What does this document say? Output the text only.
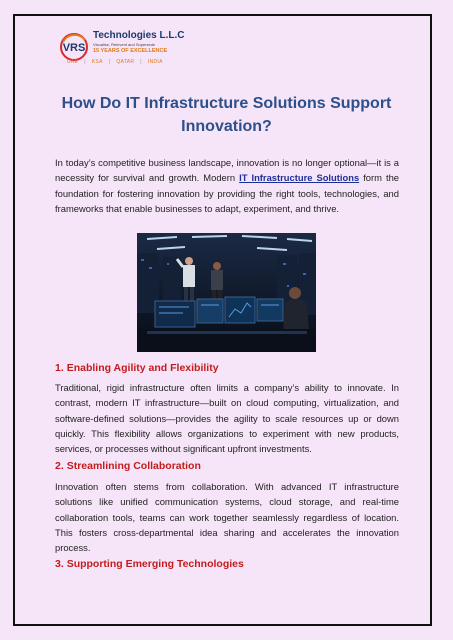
VRS
Technologies L.L.C
Visualise, Reinvent and Supersede
15 YEARS OF EXCELLENCE
UAE | KSA | QATAR | INDIA
How Do IT Infrastructure Solutions Support Innovation?

In today’s competitive business landscape, innovation is no longer optional—it is a necessity for survival and growth. Modern IT Infrastructure Solutions form the foundation for fostering innovation by providing the right tools, technologies, and frameworks that enable businesses to adapt, experiment, and thrive.

1. Enabling Agility and Flexibility

Traditional, rigid infrastructure often limits a company’s ability to innovate. In contrast, modern IT infrastructure—built on cloud computing, virtualization, and software-defined solutions—provides the agility to scale resources up or down quickly. This flexibility allows organizations to experiment with new products, services, or processes without significant upfront investments.

2. Streamlining Collaboration

Innovation often stems from collaboration. With advanced IT infrastructure solutions like unified communication systems, cloud storage, and real-time collaboration tools, teams can work together seamlessly regardless of location. This fosters cross-departmental idea sharing and accelerates the innovation process.

3. Supporting Emerging Technologies
